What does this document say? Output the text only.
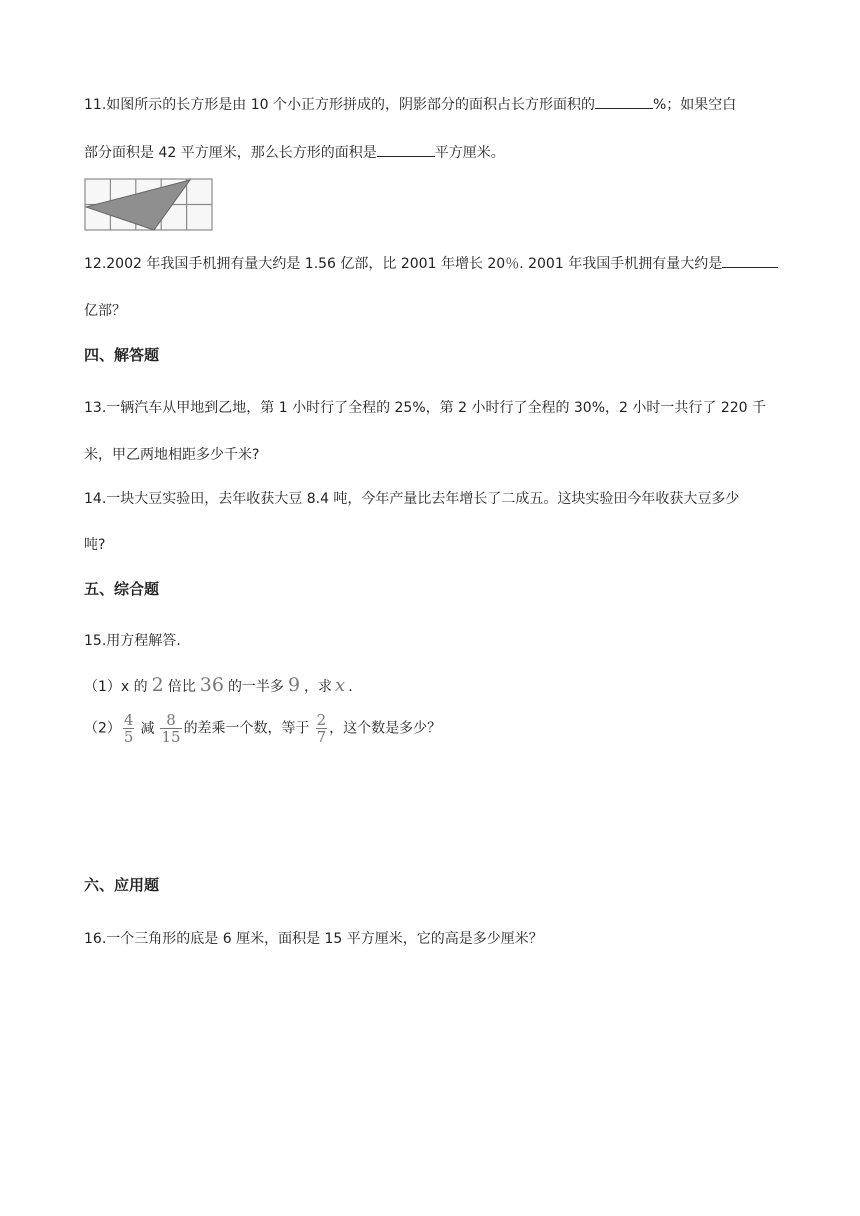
11.如图所示的长方形是由 10 个小正方形拼成的，阴影部分的面积占长方形面积的	%；如果空白
部分面积是 42 平方厘米，那么长方形的面积是	平方厘米。
12.2002 年我国手机拥有量大约是 1.56 亿部，比 2001 年增长 20％. 2001 年我国手机拥有量大约是
亿部？
四、解答题
13.一辆汽车从甲地到乙地，第 1 小时行了全程的 25%，第 2 小时行了全程的 30%，2 小时一共行了 220 千
米，甲乙两地相距多少千米?
14.一块大豆实验田，去年收获大豆 8.4 吨，今年产量比去年增长了二成五。这块实验田今年收获大豆多少
吨?
五、综合题
15.用方程解答.
（1）x 的 2 倍比 36 的一半多 9 ，求 x .
$(2) \frac{4}{5}$ 减 $\frac{8}{15}$ 的差乘一个数，等于 $\frac{2}{7}$ ，这个数是多少？
六、应用题
16.一个三角形的底是 6 厘米，面积是 15 平方厘米，它的高是多少厘米？
